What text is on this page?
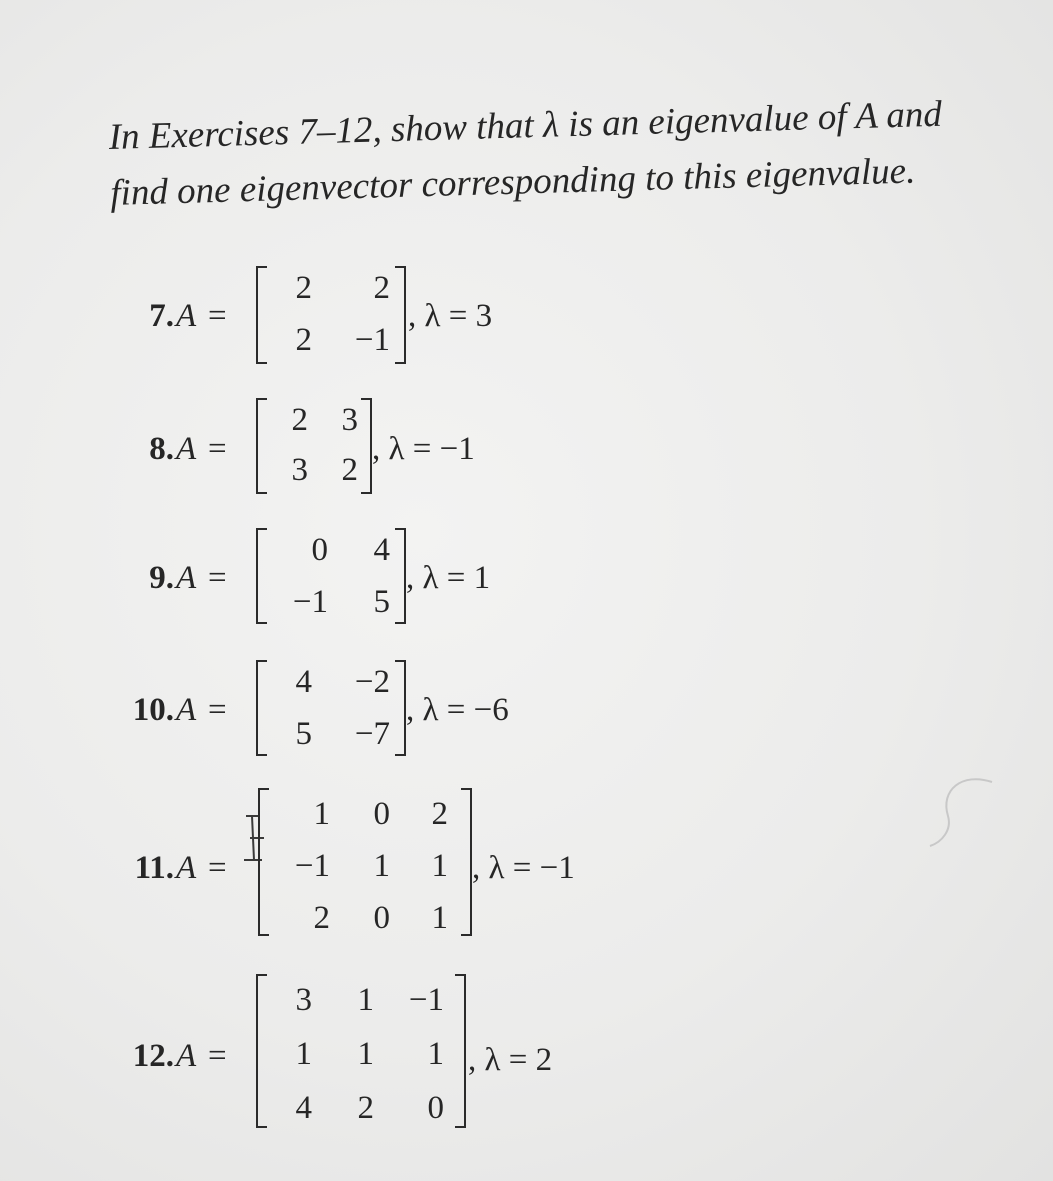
In Exercises 7–12, show that λ is an eigenvalue of A and
find one eigenvector corresponding to this eigenvalue.
7. A =
2	2
2	−1
, λ = 3
8. A =
2	3
3	2
, λ = −1
9. A =
0	4
−1	5
, λ = 1
10. A =
4	−2
5	−7
, λ = −6
11. A =
1	0	2
−1	1	1
2	0	1
, λ = −1
12. A =
3	1	−1
1	1	1
4	2	0
, λ = 2
